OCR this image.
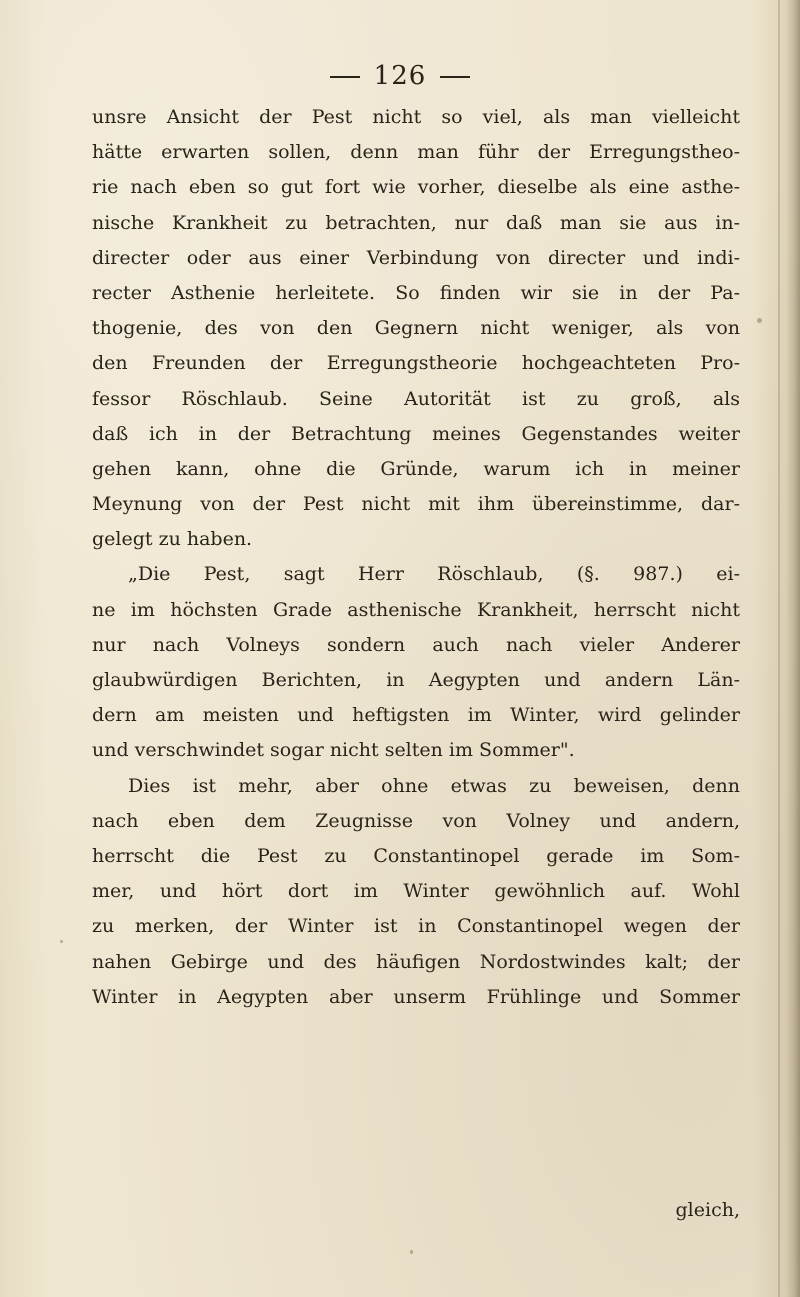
126
unsre Ansicht der Pest nicht so viel, als man vielleicht
hätte erwarten sollen, denn man führ der Erregungstheo-
rie nach eben so gut fort wie vorher, dieselbe als eine asthe-
nische Krankheit zu betrachten, nur daß man sie aus in-
directer oder aus einer Verbindung von directer und indi-
recter Asthenie herleitete. So finden wir sie in der Pa-
thogenie, des von den Gegnern nicht weniger, als von
den Freunden der Erregungstheorie hochgeachteten Pro-
fessor Röschlaub. Seine Autorität ist zu groß, als
daß ich in der Betrachtung meines Gegenstandes weiter
gehen kann, ohne die Gründe, warum ich in meiner
Meynung von der Pest nicht mit ihm übereinstimme, dar-
gelegt zu haben.
„Die Pest, sagt Herr Röschlaub, (§. 987.) ei-
ne im höchsten Grade asthenische Krankheit, herrscht nicht
nur nach Volneys sondern auch nach vieler Anderer
glaubwürdigen Berichten, in Aegypten und andern Län-
dern am meisten und heftigsten im Winter, wird gelinder
und verschwindet sogar nicht selten im Sommer".
Dies ist mehr, aber ohne etwas zu beweisen, denn
nach eben dem Zeugnisse von Volney und andern,
herrscht die Pest zu Constantinopel gerade im Som-
mer, und hört dort im Winter gewöhnlich auf. Wohl
zu merken, der Winter ist in Constantinopel wegen der
nahen Gebirge und des häufigen Nordostwindes kalt; der
Winter in Aegypten aber unserm Frühlinge und Sommer
gleich,
